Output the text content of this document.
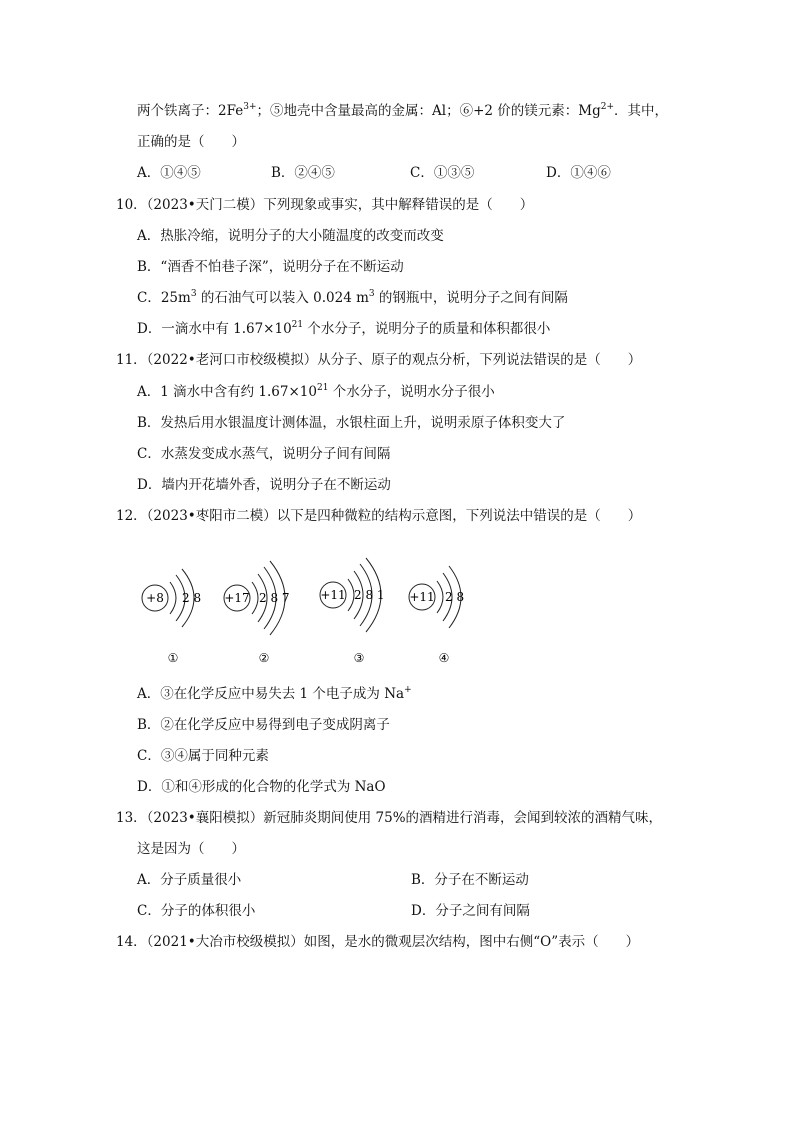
两个铁离子：$2Fe^{3+}$；⑤地壳中含量最高的金属：Al；⑥+2 价的镁元素：$Mg^{2+}$．其中，
正确的是（　　）
A．①④⑤	B．②④⑤	C．①③⑤	D．①④⑥
10．（2023•天门二模）下列现象或事实，其中解释错误的是（　　）
A．热胀冷缩，说明分子的大小随温度的改变而改变
B．“酒香不怕巷子深”，说明分子在不断运动
C．$25m^3$ 的石油气可以装入 0.024 $m^3$ 的钢瓶中，说明分子之间有间隔
D．一滴水中有 $1.67\times 10^{21}$ 个水分子，说明分子的质量和体积都很小
11．（2022•老河口市校级模拟）从分子、原子的观点分析，下列说法错误的是（　　）
A．1 滴水中含有约 $1.67\times 10^{21}$ 个水分子，说明水分子很小
B．发热后用水银温度计测体温，水银柱面上升，说明汞原子体积变大了
C．水蒸发变成水蒸气，说明分子间有间隔
D．墙内开花墙外香，说明分子在不断运动
12．（2023•枣阳市二模）以下是四种微粒的结构示意图，下列说法中错误的是（　　）
+8 2 8
①
+17 2 8 7
②
+11 2 8 1
③
+11 2 8
④
A．③在化学反应中易失去 1 个电子成为 Na+
B．②在化学反应中易得到电子变成阴离子
C．③④属于同种元素
D．①和④形成的化合物的化学式为 NaO
13．（2023•襄阳模拟）新冠肺炎期间使用 75%的酒精进行消毒，会闻到较浓的酒精气味，
这是因为（　　）
A．分子质量很小	B．分子在不断运动
C．分子的体积很小	D．分子之间有间隔
14．（2021•大冶市校级模拟）如图，是水的微观层次结构，图中右侧“O”表示（　　）
